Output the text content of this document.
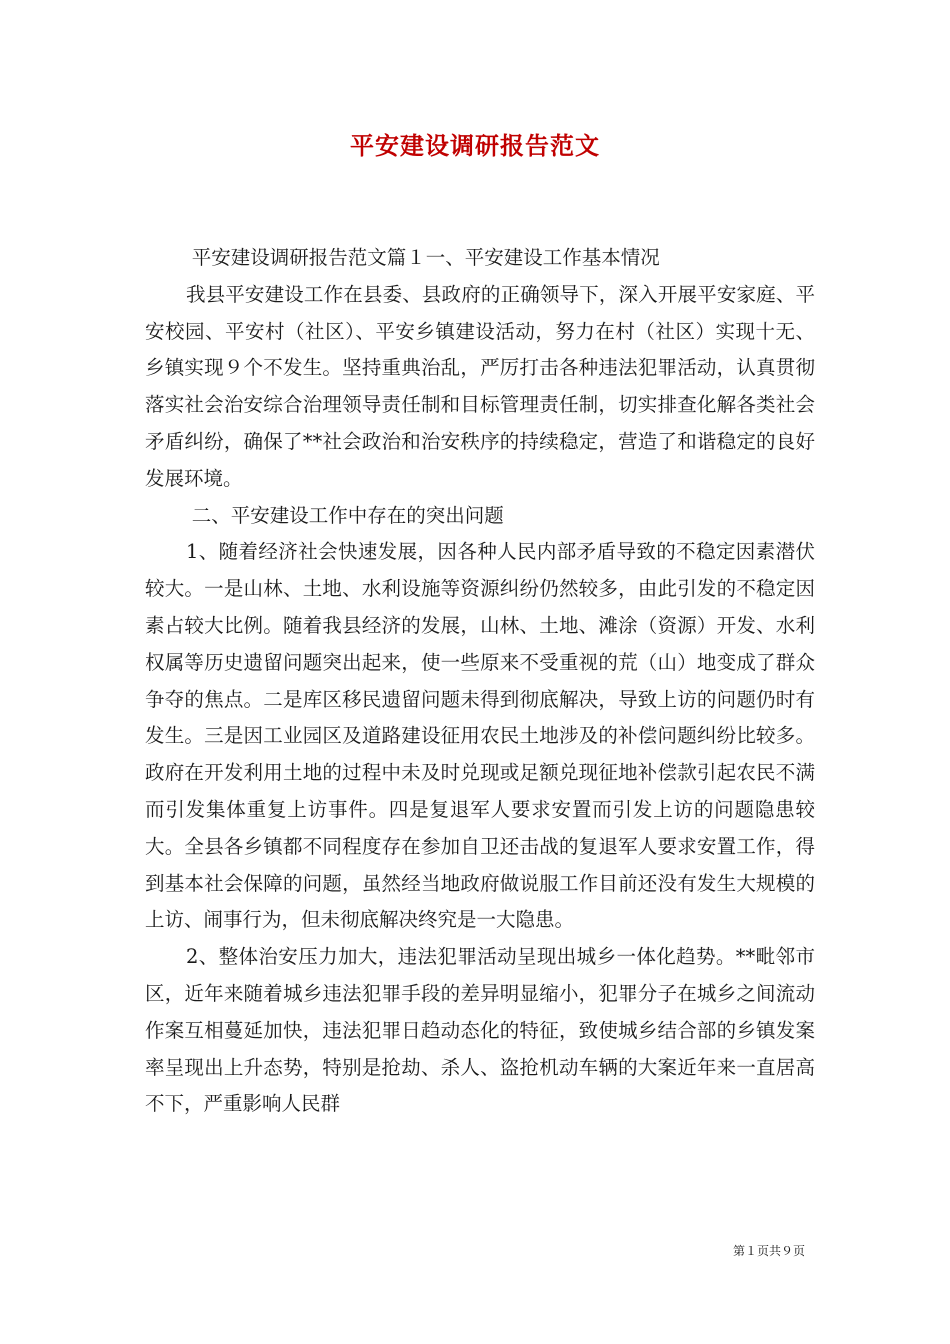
平安建设调研报告范文

平安建设调研报告范文篇１一、平安建设工作基本情况

我县平安建设工作在县委、县政府的正确领导下，深入开展平安家庭、平安校园、平安村（社区）、平安乡镇建设活动，努力在村（社区）实现十无、乡镇实现９个不发生。坚持重典治乱，严厉打击各种违法犯罪活动，认真贯彻落实社会治安综合治理领导责任制和目标管理责任制，切实排查化解各类社会矛盾纠纷，确保了**社会政治和治安秩序的持续稳定，营造了和谐稳定的良好发展环境。

二、平安建设工作中存在的突出问题

1、随着经济社会快速发展，因各种人民内部矛盾导致的不稳定因素潜伏较大。一是山林、土地、水利设施等资源纠纷仍然较多，由此引发的不稳定因素占较大比例。随着我县经济的发展，山林、土地、滩涂（资源）开发、水利权属等历史遗留问题突出起来，使一些原来不受重视的荒（山）地变成了群众争夺的焦点。二是库区移民遗留问题未得到彻底解决，导致上访的问题仍时有发生。三是因工业园区及道路建设征用农民土地涉及的补偿问题纠纷比较多。政府在开发利用土地的过程中未及时兑现或足额兑现征地补偿款引起农民不满而引发集体重复上访事件。四是复退军人要求安置而引发上访的问题隐患较大。全县各乡镇都不同程度存在参加自卫还击战的复退军人要求安置工作，得到基本社会保障的问题，虽然经当地政府做说服工作目前还没有发生大规模的上访、闹事行为，但未彻底解决终究是一大隐患。

2、整体治安压力加大，违法犯罪活动呈现出城乡一体化趋势。**毗邻市区，近年来随着城乡违法犯罪手段的差异明显缩小，犯罪分子在城乡之间流动作案互相蔓延加快，违法犯罪日趋动态化的特征，致使城乡结合部的乡镇发案率呈现出上升态势，特别是抢劫、杀人、盗抢机动车辆的大案近年来一直居高不下，严重影响人民群

第１页共９页
